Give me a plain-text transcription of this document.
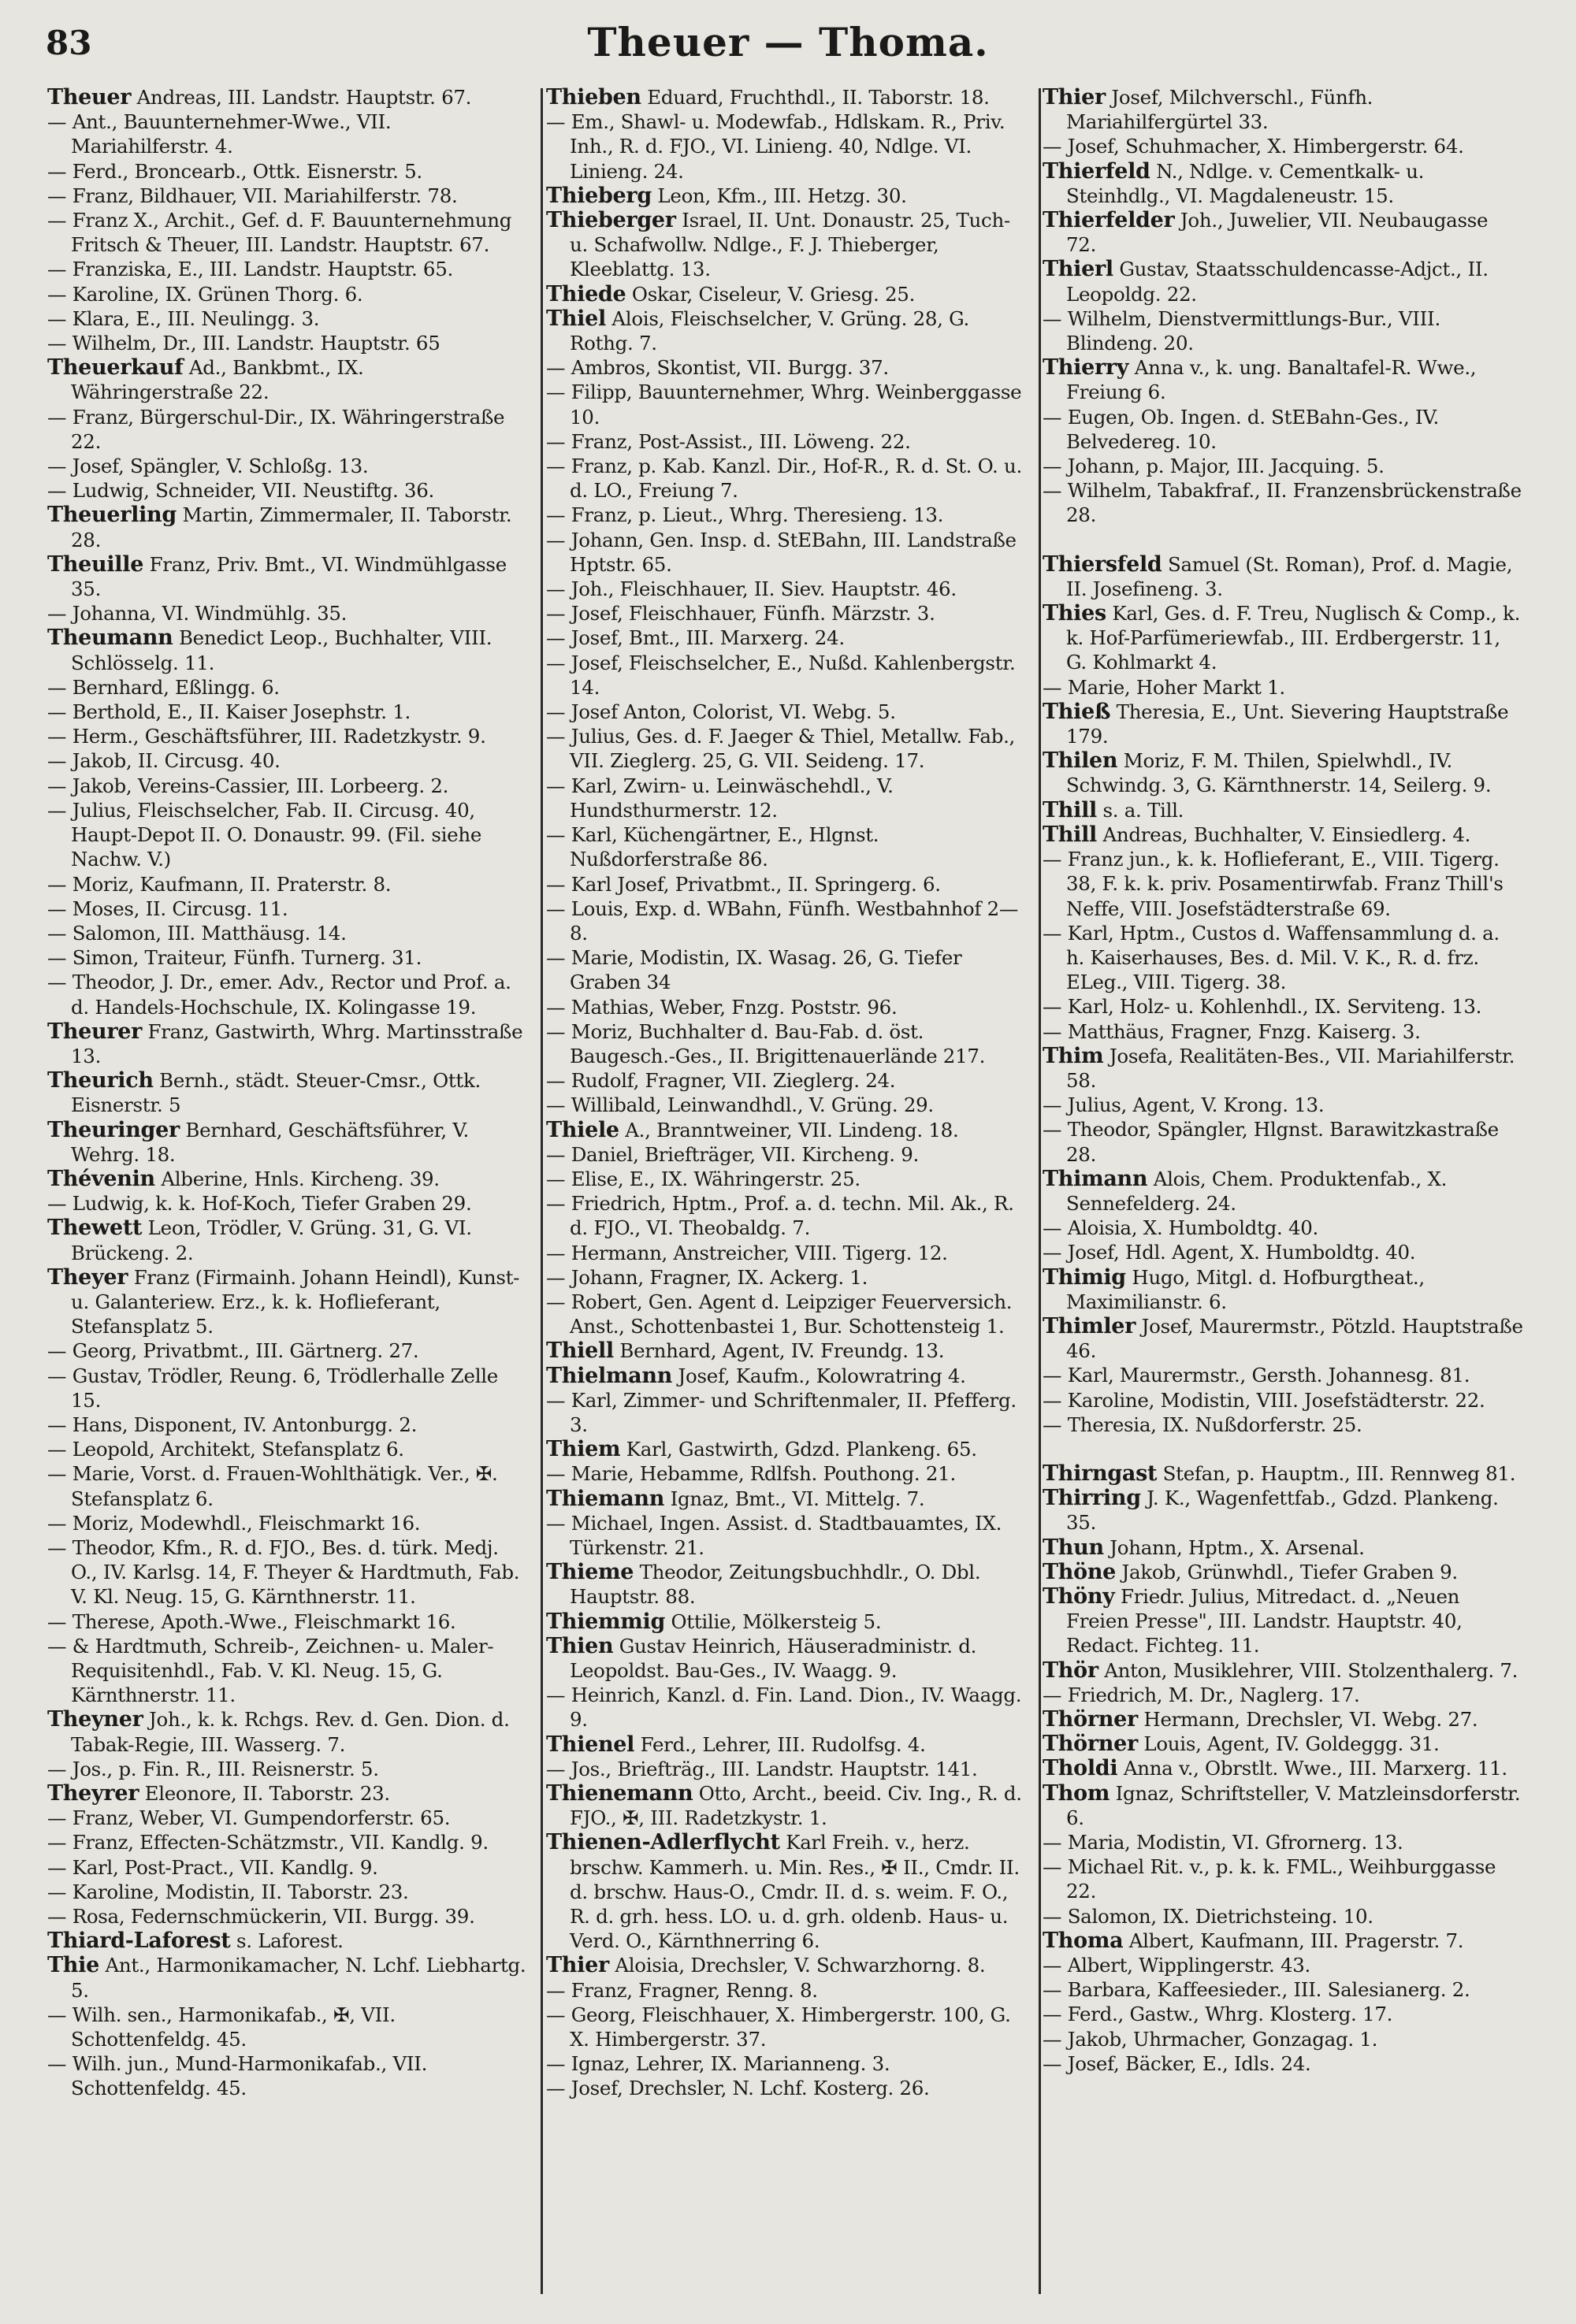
83	Theuer — Thoma.
Theuer Andreas, III. Landstr. Hauptstr. 67.
— Ant., Bauunternehmer-Wwe., VII. Mariahilferstr. 4.
— Ferd., Broncearb., Ottk. Eisnerstr. 5.
— Franz, Bildhauer, VII. Mariahilferstr. 78.
— Franz X., Archit., Gef. d. F. Bauunternehmung Fritsch & Theuer, III. Landstr. Hauptstr. 67.
— Franziska, E., III. Landstr. Hauptstr. 65.
— Karoline, IX. Grünen Thorg. 6.
— Klara, E., III. Neulingg. 3.
— Wilhelm, Dr., III. Landstr. Hauptstr. 65
Theuerkauf Ad., Bankbmt., IX. Währingerstraße 22.
— Franz, Bürgerschul-Dir., IX. Währingerstraße 22.
— Josef, Spängler, V. Schloßg. 13.
— Ludwig, Schneider, VII. Neustiftg. 36.
Theuerling Martin, Zimmermaler, II. Taborstr. 28.
Theuille Franz, Priv. Bmt., VI. Windmühlgasse 35.
— Johanna, VI. Windmühlg. 35.
Theumann Benedict Leop., Buchhalter, VIII. Schlösselg. 11.
— Bernhard, Eßlingg. 6.
— Berthold, E., II. Kaiser Josephstr. 1.
— Herm., Geschäftsführer, III. Radetzkystr. 9.
— Jakob, II. Circusg. 40.
— Jakob, Vereins-Cassier, III. Lorbeerg. 2.
— Julius, Fleischselcher, Fab. II. Circusg. 40, Haupt-Depot II. O. Donaustr. 99. (Fil. siehe Nachw. V.)
— Moriz, Kaufmann, II. Praterstr. 8.
— Moses, II. Circusg. 11.
— Salomon, III. Matthäusg. 14.
— Simon, Traiteur, Fünfh. Turnerg. 31.
— Theodor, J. Dr., emer. Adv., Rector und Prof. a. d. Handels-Hochschule, IX. Kolingasse 19.
Theurer Franz, Gastwirth, Whrg. Martinsstraße 13.
Theurich Bernh., städt. Steuer-Cmsr., Ottk. Eisnerstr. 5
Theuringer Bernhard, Geschäftsführer, V. Wehrg. 18.
Thévenin Alberine, Hnls. Kircheng. 39.
— Ludwig, k. k. Hof-Koch, Tiefer Graben 29.
Thewett Leon, Trödler, V. Grüng. 31, G. VI. Brückeng. 2.
Theyer Franz (Firmainh. Johann Heindl), Kunst- u. Galanteriew. Erz., k. k. Hoflieferant, Stefansplatz 5.
— Georg, Privatbmt., III. Gärtnerg. 27.
— Gustav, Trödler, Reung. 6, Trödlerhalle Zelle 15.
— Hans, Disponent, IV. Antonburgg. 2.
— Leopold, Architekt, Stefansplatz 6.
— Marie, Vorst. d. Frauen-Wohlthätigk. Ver., ✠. Stefansplatz 6.
— Moriz, Modewhdl., Fleischmarkt 16.
— Theodor, Kfm., R. d. FJO., Bes. d. türk. Medj. O., IV. Karlsg. 14, F. Theyer & Hardtmuth, Fab. V. Kl. Neug. 15, G. Kärnthnerstr. 11.
— Therese, Apoth.-Wwe., Fleischmarkt 16.
— & Hardtmuth, Schreib-, Zeichnen- u. Maler-Requisitenhdl., Fab. V. Kl. Neug. 15, G. Kärnthnerstr. 11.
Theyner Joh., k. k. Rchgs. Rev. d. Gen. Dion. d. Tabak-Regie, III. Wasserg. 7.
— Jos., p. Fin. R., III. Reisnerstr. 5.
Theyrer Eleonore, II. Taborstr. 23.
— Franz, Weber, VI. Gumpendorferstr. 65.
— Franz, Effecten-Schätzmstr., VII. Kandlg. 9.
— Karl, Post-Pract., VII. Kandlg. 9.
— Karoline, Modistin, II. Taborstr. 23.
— Rosa, Federnschmückerin, VII. Burgg. 39.
Thiard-Laforest s. Laforest.
Thie Ant., Harmonikamacher, N. Lchf. Liebhartg. 5.
— Wilh. sen., Harmonikafab., ✠, VII. Schottenfeldg. 45.
— Wilh. jun., Mund-Harmonikafab., VII. Schottenfeldg. 45.
Thieben Eduard, Fruchthdl., II. Taborstr. 18.
— Em., Shawl- u. Modewfab., Hdlskam. R., Priv. Inh., R. d. FJO., VI. Linieng. 40, Ndlge. VI. Linieng. 24.
Thieberg Leon, Kfm., III. Hetzg. 30.
Thieberger Israel, II. Unt. Donaustr. 25, Tuch- u. Schafwollw. Ndlge., F. J. Thieberger, Kleeblattg. 13.
Thiede Oskar, Ciseleur, V. Griesg. 25.
Thiel Alois, Fleischselcher, V. Grüng. 28, G. Rothg. 7.
— Ambros, Skontist, VII. Burgg. 37.
— Filipp, Bauunternehmer, Whrg. Weinberggasse 10.
— Franz, Post-Assist., III. Löweng. 22.
— Franz, p. Kab. Kanzl. Dir., Hof-R., R. d. St. O. u. d. LO., Freiung 7.
— Franz, p. Lieut., Whrg. Theresieng. 13.
— Johann, Gen. Insp. d. StEBahn, III. Landstraße Hptstr. 65.
— Joh., Fleischhauer, II. Siev. Hauptstr. 46.
— Josef, Fleischhauer, Fünfh. Märzstr. 3.
— Josef, Bmt., III. Marxerg. 24.
— Josef, Fleischselcher, E., Nußd. Kahlenbergstr. 14.
— Josef Anton, Colorist, VI. Webg. 5.
— Julius, Ges. d. F. Jaeger & Thiel, Metallw. Fab., VII. Zieglerg. 25, G. VII. Seideng. 17.
— Karl, Zwirn- u. Leinwäschehdl., V. Hundsthurmerstr. 12.
— Karl, Küchengärtner, E., Hlgnst. Nußdorferstraße 86.
— Karl Josef, Privatbmt., II. Springerg. 6.
— Louis, Exp. d. WBahn, Fünfh. Westbahnhof 2—8.
— Marie, Modistin, IX. Wasag. 26, G. Tiefer Graben 34
— Mathias, Weber, Fnzg. Poststr. 96.
— Moriz, Buchhalter d. Bau-Fab. d. öst. Baugesch.-Ges., II. Brigittenauerlände 217.
— Rudolf, Fragner, VII. Zieglerg. 24.
— Willibald, Leinwandhdl., V. Grüng. 29.
Thiele A., Branntweiner, VII. Lindeng. 18.
— Daniel, Briefträger, VII. Kircheng. 9.
— Elise, E., IX. Währingerstr. 25.
— Friedrich, Hptm., Prof. a. d. techn. Mil. Ak., R. d. FJO., VI. Theobaldg. 7.
— Hermann, Anstreicher, VIII. Tigerg. 12.
— Johann, Fragner, IX. Ackerg. 1.
— Robert, Gen. Agent d. Leipziger Feuerversich. Anst., Schottenbastei 1, Bur. Schottensteig 1.
Thiell Bernhard, Agent, IV. Freundg. 13.
Thielmann Josef, Kaufm., Kolowratring 4.
— Karl, Zimmer- und Schriftenmaler, II. Pfefferg. 3.
Thiem Karl, Gastwirth, Gdzd. Plankeng. 65.
— Marie, Hebamme, Rdlfsh. Pouthong. 21.
Thiemann Ignaz, Bmt., VI. Mittelg. 7.
— Michael, Ingen. Assist. d. Stadtbauamtes, IX. Türkenstr. 21.
Thieme Theodor, Zeitungsbuchhdlr., O. Dbl. Hauptstr. 88.
Thiemmig Ottilie, Mölkersteig 5.
Thien Gustav Heinrich, Häuseradministr. d. Leopoldst. Bau-Ges., IV. Waagg. 9.
— Heinrich, Kanzl. d. Fin. Land. Dion., IV. Waagg. 9.
Thienel Ferd., Lehrer, III. Rudolfsg. 4.
— Jos., Briefträg., III. Landstr. Hauptstr. 141.
Thienemann Otto, Archt., beeid. Civ. Ing., R. d. FJO., ✠, III. Radetzkystr. 1.
Thienen-Adlerflycht Karl Freih. v., herz. brschw. Kammerh. u. Min. Res., ✠ II., Cmdr. II. d. brschw. Haus-O., Cmdr. II. d. s. weim. F. O., R. d. grh. hess. LO. u. d. grh. oldenb. Haus- u. Verd. O., Kärnthnerring 6.
Thier Aloisia, Drechsler, V. Schwarzhorng. 8.
— Franz, Fragner, Renng. 8.
— Georg, Fleischhauer, X. Himbergerstr. 100, G. X. Himbergerstr. 37.
— Ignaz, Lehrer, IX. Marianneng. 3.
— Josef, Drechsler, N. Lchf. Kosterg. 26.
Thier Josef, Milchverschl., Fünfh. Mariahilfergürtel 33.
— Josef, Schuhmacher, X. Himbergerstr. 64.
Thierfeld N., Ndlge. v. Cementkalk- u. Steinhdlg., VI. Magdaleneustr. 15.
Thierfelder Joh., Juwelier, VII. Neubaugasse 72.
Thierl Gustav, Staatsschuldencasse-Adjct., II. Leopoldg. 22.
— Wilhelm, Dienstvermittlungs-Bur., VIII. Blindeng. 20.
Thierry Anna v., k. ung. Banaltafel-R. Wwe., Freiung 6.
— Eugen, Ob. Ingen. d. StEBahn-Ges., IV. Belvedereg. 10.
— Johann, p. Major, III. Jacquing. 5.
— Wilhelm, Tabakfraf., II. Franzensbrückenstraße 28.
Thiersfeld Samuel (St. Roman), Prof. d. Magie, II. Josefineng. 3.
Thies Karl, Ges. d. F. Treu, Nuglisch & Comp., k. k. Hof-Parfümeriewfab., III. Erdbergerstr. 11, G. Kohlmarkt 4.
— Marie, Hoher Markt 1.
Thieß Theresia, E., Unt. Sievering Hauptstraße 179.
Thilen Moriz, F. M. Thilen, Spielwhdl., IV. Schwindg. 3, G. Kärnthnerstr. 14, Seilerg. 9.
Thill s. a. Till.
Thill Andreas, Buchhalter, V. Einsiedlerg. 4.
— Franz jun., k. k. Hoflieferant, E., VIII. Tigerg. 38, F. k. k. priv. Posamentirwfab. Franz Thill's Neffe, VIII. Josefstädterstraße 69.
— Karl, Hptm., Custos d. Waffensammlung d. a. h. Kaiserhauses, Bes. d. Mil. V. K., R. d. frz. ELeg., VIII. Tigerg. 38.
— Karl, Holz- u. Kohlenhdl., IX. Serviteng. 13.
— Matthäus, Fragner, Fnzg. Kaiserg. 3.
Thim Josefa, Realitäten-Bes., VII. Mariahilferstr. 58.
— Julius, Agent, V. Krong. 13.
— Theodor, Spängler, Hlgnst. Barawitzkastraße 28.
Thimann Alois, Chem. Produktenfab., X. Sennefelderg. 24.
— Aloisia, X. Humboldtg. 40.
— Josef, Hdl. Agent, X. Humboldtg. 40.
Thimig Hugo, Mitgl. d. Hofburgtheat., Maximilianstr. 6.
Thimler Josef, Maurermstr., Pötzld. Hauptstraße 46.
— Karl, Maurermstr., Gersth. Johannesg. 81.
— Karoline, Modistin, VIII. Josefstädterstr. 22.
— Theresia, IX. Nußdorferstr. 25.
Thirngast Stefan, p. Hauptm., III. Rennweg 81.
Thirring J. K., Wagenfettfab., Gdzd. Plankeng. 35.
Thun Johann, Hptm., X. Arsenal.
Thöne Jakob, Grünwhdl., Tiefer Graben 9.
Thöny Friedr. Julius, Mitredact. d. „Neuen Freien Presse", III. Landstr. Hauptstr. 40, Redact. Fichteg. 11.
Thör Anton, Musiklehrer, VIII. Stolzenthalerg. 7.
— Friedrich, M. Dr., Naglerg. 17.
Thörner Hermann, Drechsler, VI. Webg. 27.
Thörner Louis, Agent, IV. Goldeggg. 31.
Tholdi Anna v., Obrstlt. Wwe., III. Marxerg. 11.
Thom Ignaz, Schriftsteller, V. Matzleinsdorferstr. 6.
— Maria, Modistin, VI. Gfrornerg. 13.
— Michael Rit. v., p. k. k. FML., Weihburggasse 22.
— Salomon, IX. Dietrichsteing. 10.
Thoma Albert, Kaufmann, III. Pragerstr. 7.
— Albert, Wipplingerstr. 43.
— Barbara, Kaffeesieder., III. Salesianerg. 2.
— Ferd., Gastw., Whrg. Klosterg. 17.
— Jakob, Uhrmacher, Gonzagag. 1.
— Josef, Bäcker, E., Idls. 24.
